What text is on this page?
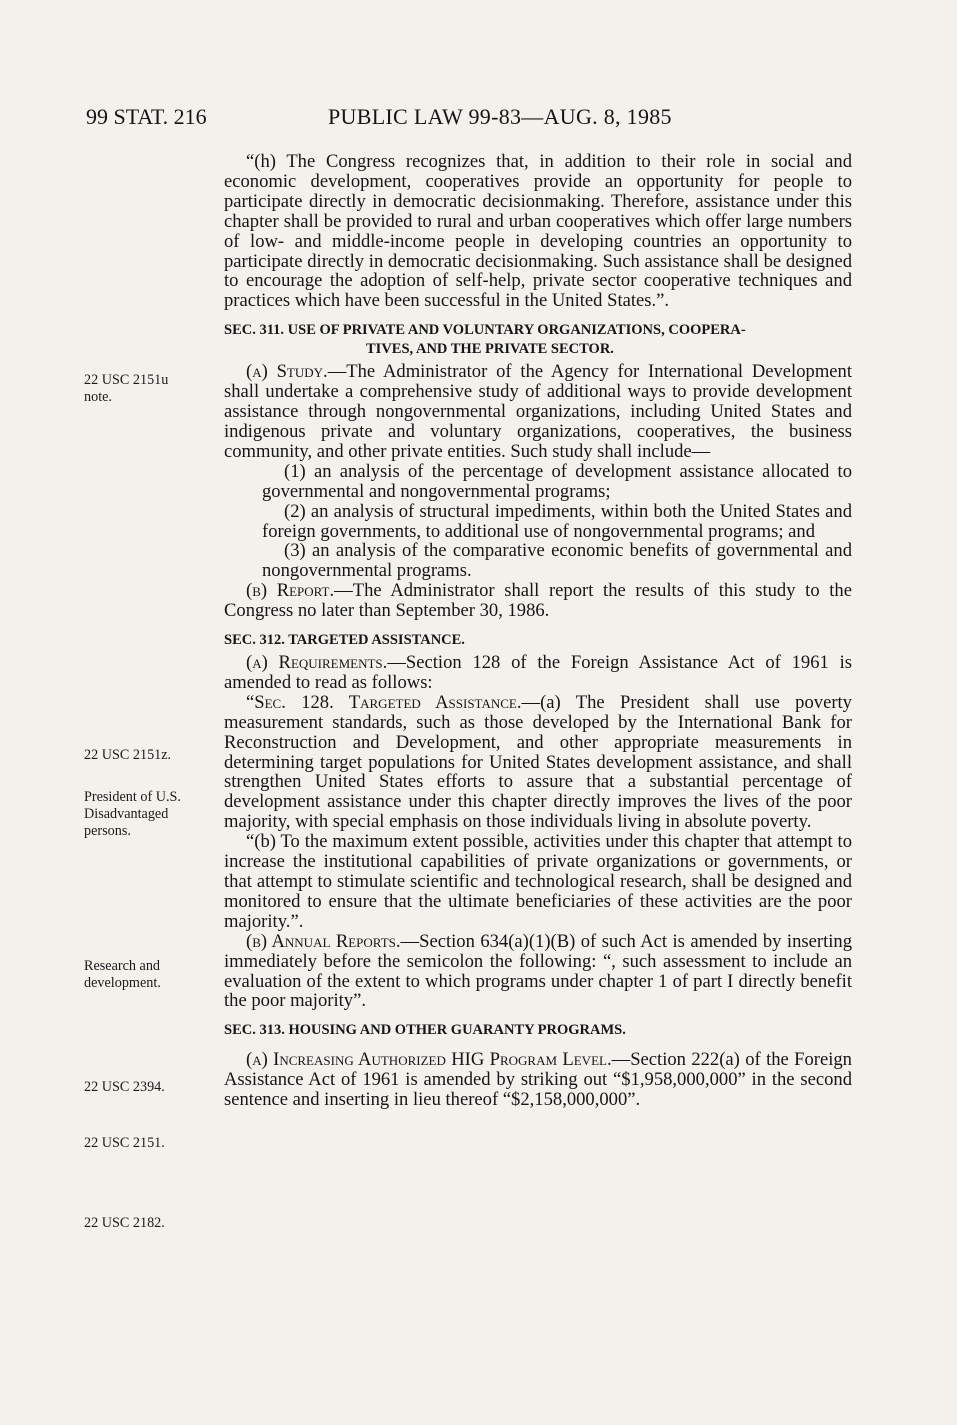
99 STAT. 216	PUBLIC LAW 99-83—AUG. 8, 1985
22 USC 2151u
note.
22 USC 2151z.
President of U.S.
Disadvantaged
persons.
Research and
development.
22 USC 2394.
22 USC 2151.
22 USC 2182.

“(h) The Congress recognizes that, in addition to their role in social and economic development, cooperatives provide an opportunity for people to participate directly in democratic decisionmaking. Therefore, assistance under this chapter shall be provided to rural and urban cooperatives which offer large numbers of low- and middle-income people in developing countries an opportunity to participate directly in democratic decisionmaking. Such assistance shall be designed to encourage the adoption of self-help, private sector cooperative techniques and practices which have been successful in the United States.”.

SEC. 311. USE OF PRIVATE AND VOLUNTARY ORGANIZATIONS, COOPERA-
TIVES, AND THE PRIVATE SECTOR.

(a) Study.—The Administrator of the Agency for International Development shall undertake a comprehensive study of additional ways to provide development assistance through nongovernmental organizations, including United States and indigenous private and voluntary organizations, cooperatives, the business community, and other private entities. Such study shall include—

(1) an analysis of the percentage of development assistance allocated to governmental and nongovernmental programs;

(2) an analysis of structural impediments, within both the United States and foreign governments, to additional use of nongovernmental programs; and

(3) an analysis of the comparative economic benefits of governmental and nongovernmental programs.

(b) Report.—The Administrator shall report the results of this study to the Congress no later than September 30, 1986.

SEC. 312. TARGETED ASSISTANCE.

(a) Requirements.—Section 128 of the Foreign Assistance Act of 1961 is amended to read as follows:

“Sec. 128. Targeted Assistance.—(a) The President shall use poverty measurement standards, such as those developed by the International Bank for Reconstruction and Development, and other appropriate measurements in determining target populations for United States development assistance, and shall strengthen United States efforts to assure that a substantial percentage of development assistance under this chapter directly improves the lives of the poor majority, with special emphasis on those individuals living in absolute poverty.

“(b) To the maximum extent possible, activities under this chapter that attempt to increase the institutional capabilities of private organizations or governments, or that attempt to stimulate scientific and technological research, shall be designed and monitored to ensure that the ultimate beneficiaries of these activities are the poor majority.”.

(b) Annual Reports.—Section 634(a)(1)(B) of such Act is amended by inserting immediately before the semicolon the following: “, such assessment to include an evaluation of the extent to which programs under chapter 1 of part I directly benefit the poor majority”.

SEC. 313. HOUSING AND OTHER GUARANTY PROGRAMS.

(a) Increasing Authorized HIG Program Level.—Section 222(a) of the Foreign Assistance Act of 1961 is amended by striking out “$1,958,000,000” in the second sentence and inserting in lieu thereof “$2,158,000,000”.
